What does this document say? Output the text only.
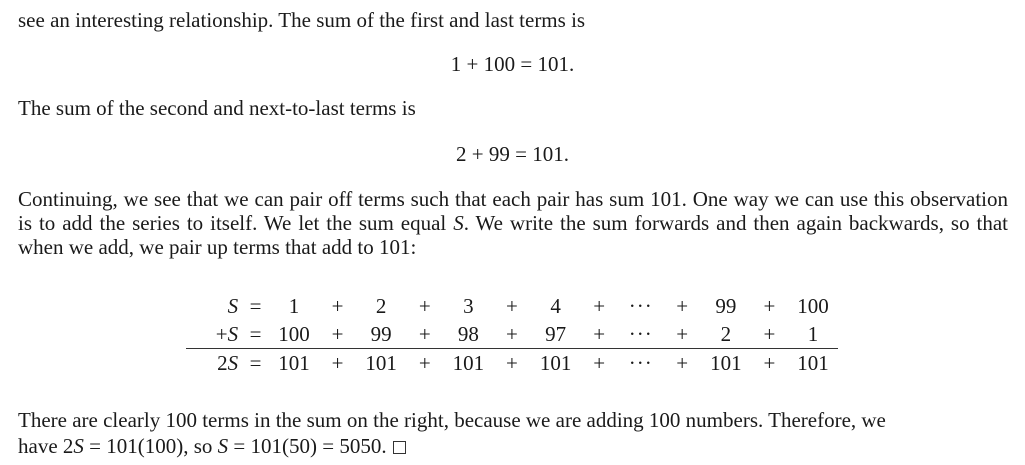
see an interesting relationship. The sum of the first and last terms is

1 + 100 = 101.

The sum of the second and next-to-last terms is

2 + 99 = 101.

Continuing, we see that we can pair off terms such that each pair has sum 101. One way we can use this observation is to add the series to itself. We let the sum equal S. We write the sum forwards and then again backwards, so that when we add, we pair up terms that add to 101:

S	=	1	+	2	+	3	+	4	+	···	+	99	+	100
+S	=	100	+	99	+	98	+	97	+	···	+	2	+	1
2S	=	101	+	101	+	101	+	101	+	···	+	101	+	101

There are clearly 100 terms in the sum on the right, because we are adding 100 numbers. Therefore, we

have 2S = 101(100), so S = 101(50) = 5050.
